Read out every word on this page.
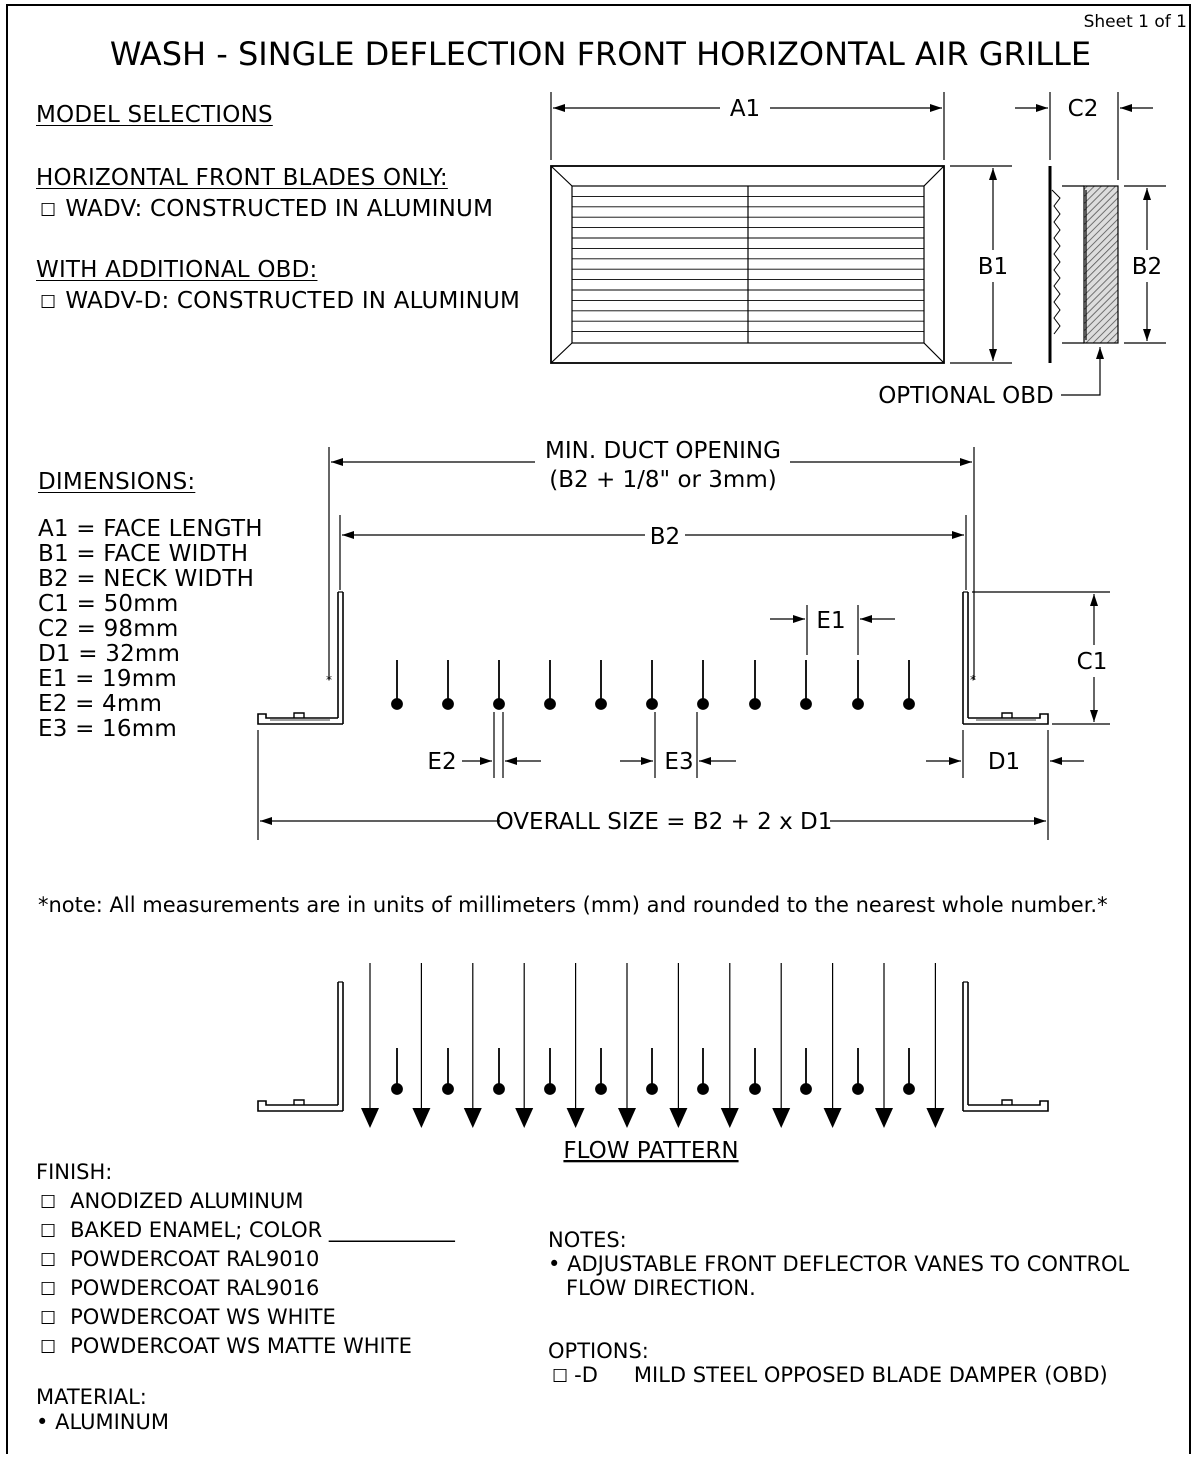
Sheet 1 of 1
WASH - SINGLE DEFLECTION FRONT HORIZONTAL AIR GRILLE
MODEL SELECTIONS
HORIZONTAL FRONT BLADES ONLY:
☐ WADV: CONSTRUCTED IN ALUMINUM
WITH ADDITIONAL OBD:
☐ WADV-D: CONSTRUCTED IN ALUMINUM
DIMENSIONS:
A1 = FACE LENGTH
B1 = FACE WIDTH
B2 = NECK WIDTH
C1 = 50mm
C2 = 98mm
D1 = 32mm
E1 = 19mm
E2 = 4mm
E3 = 16mm
*note: All measurements are in units of millimeters (mm) and rounded to the nearest whole number.*
FINISH:
☐ ANODIZED ALUMINUM
☐ BAKED ENAMEL; COLOR ____________
☐ POWDERCOAT RAL9010
☐ POWDERCOAT RAL9016
☐ POWDERCOAT WS WHITE
☐ POWDERCOAT WS MATTE WHITE
MATERIAL:
• ALUMINUM
NOTES:
• ADJUSTABLE FRONT DEFLECTOR VANES TO CONTROL
FLOW DIRECTION.
OPTIONS:
☐ -D MILD STEEL OPPOSED BLADE DAMPER (OBD)
A1
B1
C2
B2
OPTIONAL OBD
MIN. DUCT OPENING
(B2 + 1/8" or 3mm)
B2
E1
C1
E2	E3	D1
OVERALL SIZE = B2 + 2 x D1
FLOW PATTERN
*	*
